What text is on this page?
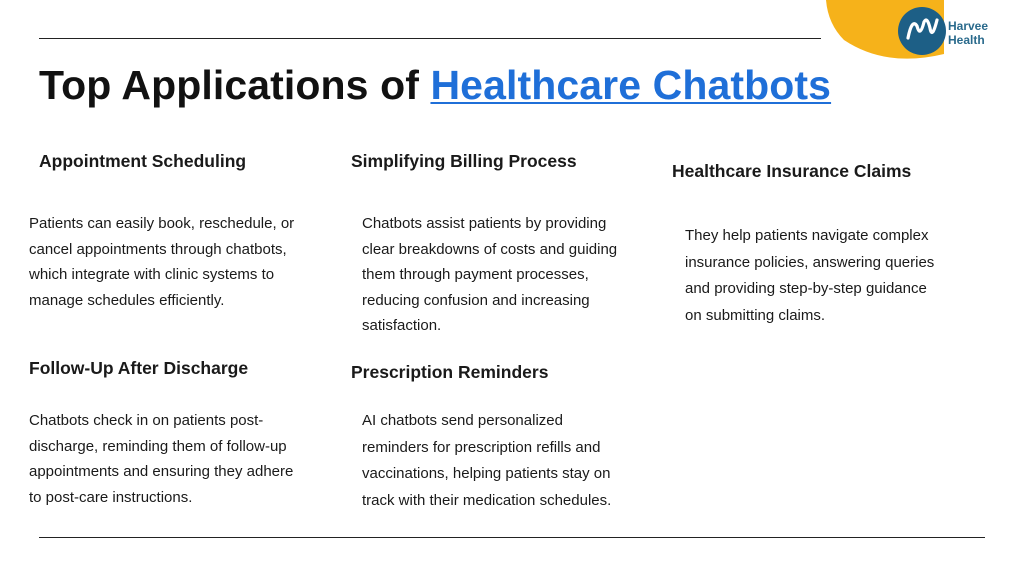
Harvee
Health
Top Applications of Healthcare Chatbots
Appointment Scheduling
Patients can easily book, reschedule, or
cancel appointments through chatbots,
which integrate with clinic systems to
manage schedules efficiently.
Follow-Up After Discharge
Chatbots check in on patients post-
discharge, reminding them of follow-up
appointments and ensuring they adhere
to post-care instructions.
Simplifying Billing Process
Chatbots assist patients by providing
clear breakdowns of costs and guiding
them through payment processes,
reducing confusion and increasing
satisfaction.
Prescription Reminders
AI chatbots send personalized
reminders for prescription refills and
vaccinations, helping patients stay on
track with their medication schedules.
Healthcare Insurance Claims
They help patients navigate complex
insurance policies, answering queries
and providing step-by-step guidance
on submitting claims.
